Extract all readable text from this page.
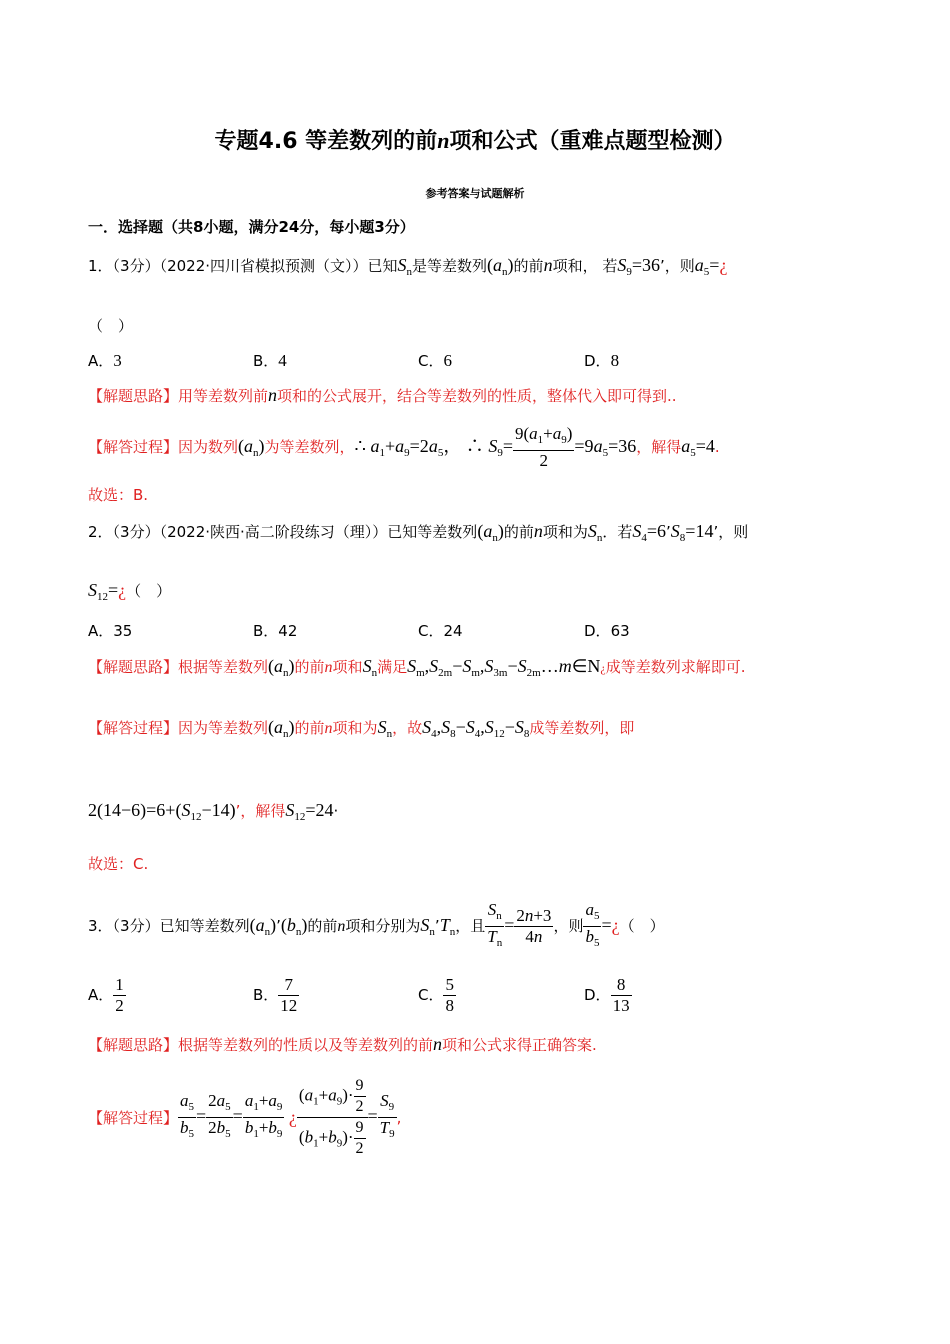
专题4.6 等差数列的前n项和公式（重难点题型检测）
参考答案与试题解析
一．选择题（共8小题，满分24分，每小题3分）
1．（3分）（2022·四川省模拟预测（文））已知$S_n$是等差数列$(a_n)$的前n项和， 若$S_9=36$’，则$a_5=¿$
（　）
A．3	B．4	C．6	D．8
【解题思路】用等差数列前n项和的公式展开，结合等差数列的性质，整体代入即可得到..
【解答过程】因为数列$(a_n)$为等差数列，∴ $a_1+a_9=2a_5$， ∴ $S_9= \frac{9(a_1+a_9)}{2} =9a_5=36$，解得$a_5=4$.
故选：B.
2．（3分）（2022·陕西·高二阶段练习（理））已知等差数列$(a_n)$的前n项和为$S_n$．若$S_4=6’S_8=14$’，则
$S_{12}=¿$（　）
A．35	B．42	C．24	D．63
【解题思路】根据等差数列$(a_n)$的前n项和$S_n$满足$S_m,S_{2m}-S_m,S_{3m}-S_{2m}\dots m\in N¿$成等差数列求解即可.
【解答过程】因为等差数列$(a_n)$的前n项和为$S_n$，故$S_4,S_8-S_4,S_{12}-S_8$成等差数列，即
$2(14-6)=6+(S_{12}-14)$’，解得$S_{12}=24\cdot$
故选：C.
3．（3分）已知等差数列$(a_n)’(b_n)$的前n项和分别为$S_n’T_n$，且 $\frac{S_n}{T_n} = \frac{2n+3}{4n}$ ，则 $\frac{a_5}{b_5}$ =¿（　）
A． $\frac{1}{2}$	B． $\frac{7}{12}$	C． $\frac{5}{8}$	D． $\frac{8}{13}$
【解题思路】根据等差数列的性质以及等差数列的前n项和公式求得正确答案.
【解答过程】 $\frac{a_5}{b_5} = \frac{2a_5}{2b_5} = \frac{a_1+a_9}{b_1+b_9}$ ¿ $\frac{(a_1+a_9)\cdot \frac{9}{2}}{(b_1+b_9)\cdot \frac{9}{2}} = \frac{S_9}{T_9}$ ,
